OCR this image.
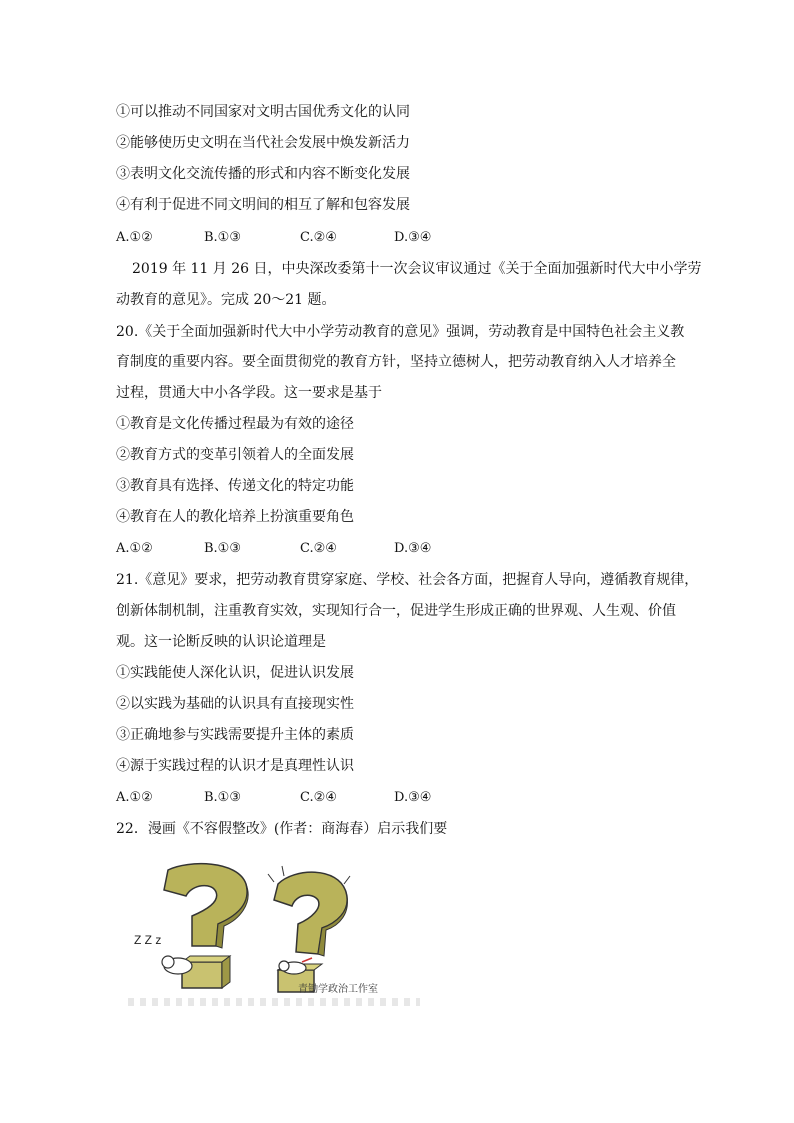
①可以推动不同国家对文明古国优秀文化的认同
②能够使历史文明在当代社会发展中焕发新活力
③表明文化交流传播的形式和内容不断变化发展
④有利于促进不同文明间的相互了解和包容发展
A.①②	B.①③	C.②④	D.③④
2019 年 11 月 26 日，中央深改委第十一次会议审议通过《关于全面加强新时代大中小学劳
动教育的意见》。完成 20～21 题。
20.《关于全面加强新时代大中小学劳动教育的意见》强调，劳动教育是中国特色社会主义教
育制度的重要内容。要全面贯彻党的教育方针，坚持立德树人，把劳动教育纳入人才培养全
过程，贯通大中小各学段。这一要求是基于
①教育是文化传播过程最为有效的途径
②教育方式的变革引领着人的全面发展
③教育具有选择、传递文化的特定功能
④教育在人的教化培养上扮演重要角色
A.①②	B.①③	C.②④	D.③④
21.《意见》要求，把劳动教育贯穿家庭、学校、社会各方面，把握育人导向，遵循教育规律，
创新体制机制，注重教育实效，实现知行合一，促进学生形成正确的世界观、人生观、价值
观。这一论断反映的认识论道理是
①实践能使人深化认识，促进认识发展
②以实践为基础的认识具有直接现实性
③正确地参与实践需要提升主体的素质
④源于实践过程的认识才是真理性认识
A.①②	B.①③	C.②④	D.③④
22．漫画《不容假整改》(作者：商海春）启示我们要
Z Z z
青锄学政治工作室
